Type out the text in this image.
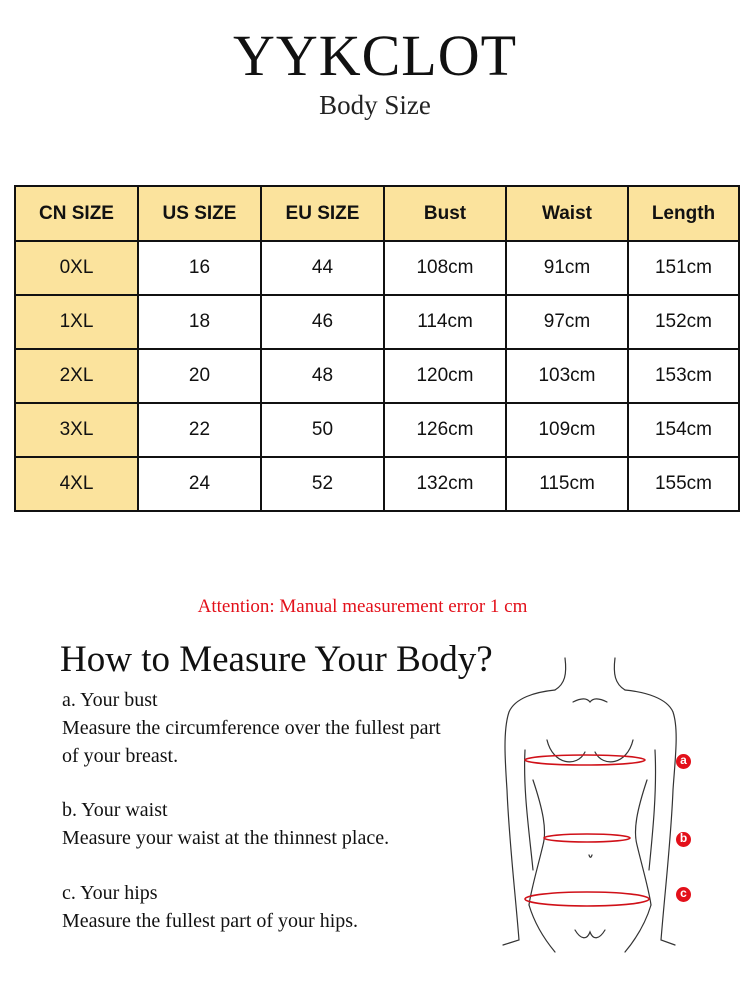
YYKCLOT
Body Size
CN SIZE	US SIZE	EU SIZE	Bust	Waist	Length
0XL	16	44	108cm	91cm	151cm
1XL	18	46	114cm	97cm	152cm
2XL	20	48	120cm	103cm	153cm
3XL	22	50	126cm	109cm	154cm
4XL	24	52	132cm	115cm	155cm
Attention: Manual measurement error 1 cm
How to Measure Your Body?
a. Your bust
Measure the circumference over the fullest part
of your breast.
b. Your waist
Measure your waist at the thinnest place.
c. Your hips
Measure the fullest part of your hips.
a
b
c
